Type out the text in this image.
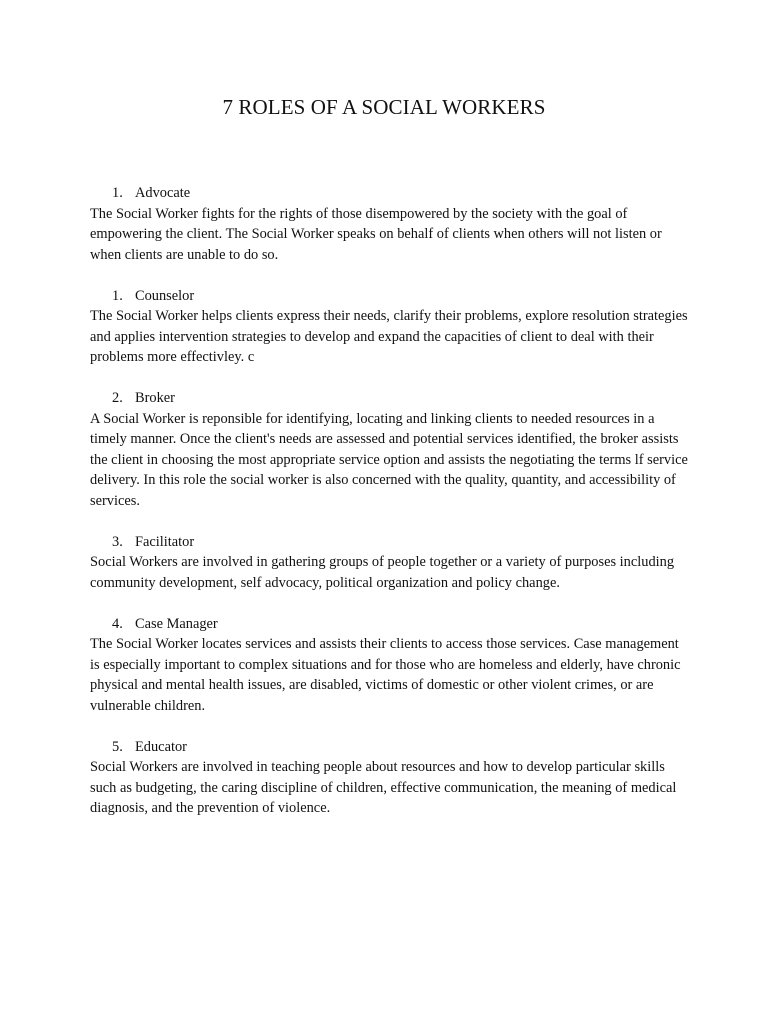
7 ROLES OF A SOCIAL WORKERS
1. Advocate

The Social Worker fights for the rights of those disempowered by the society with the goal of empowering the client. The Social Worker speaks on behalf of clients when others will not listen or when clients are unable to do so.

1. Counselor

The Social Worker helps clients express their needs, clarify their problems, explore resolution strategies and applies intervention strategies to develop and expand the capacities of client to deal with their problems more effectivley. c

2. Broker

A Social Worker is reponsible for identifying, locating and linking clients to needed resources in a timely manner. Once the client's needs are assessed and potential services identified, the broker assists the client in choosing the most appropriate service option and assists the negotiating the terms lf service delivery. In this role the social worker is also concerned with the quality, quantity, and accessibility of services.

3. Facilitator

Social Workers are involved in gathering groups of people together or a variety of purposes including community development, self advocacy, political organization and policy change.

4. Case Manager

The Social Worker locates services and assists their clients to access those services. Case management is especially important to complex situations and for those who are homeless and elderly, have chronic physical and mental health issues, are disabled, victims of domestic or other violent crimes, or are vulnerable children.

5. Educator

Social Workers are involved in teaching people about resources and how to develop particular skills such as budgeting, the caring discipline of children, effective communication, the meaning of medical diagnosis, and the prevention of violence.
